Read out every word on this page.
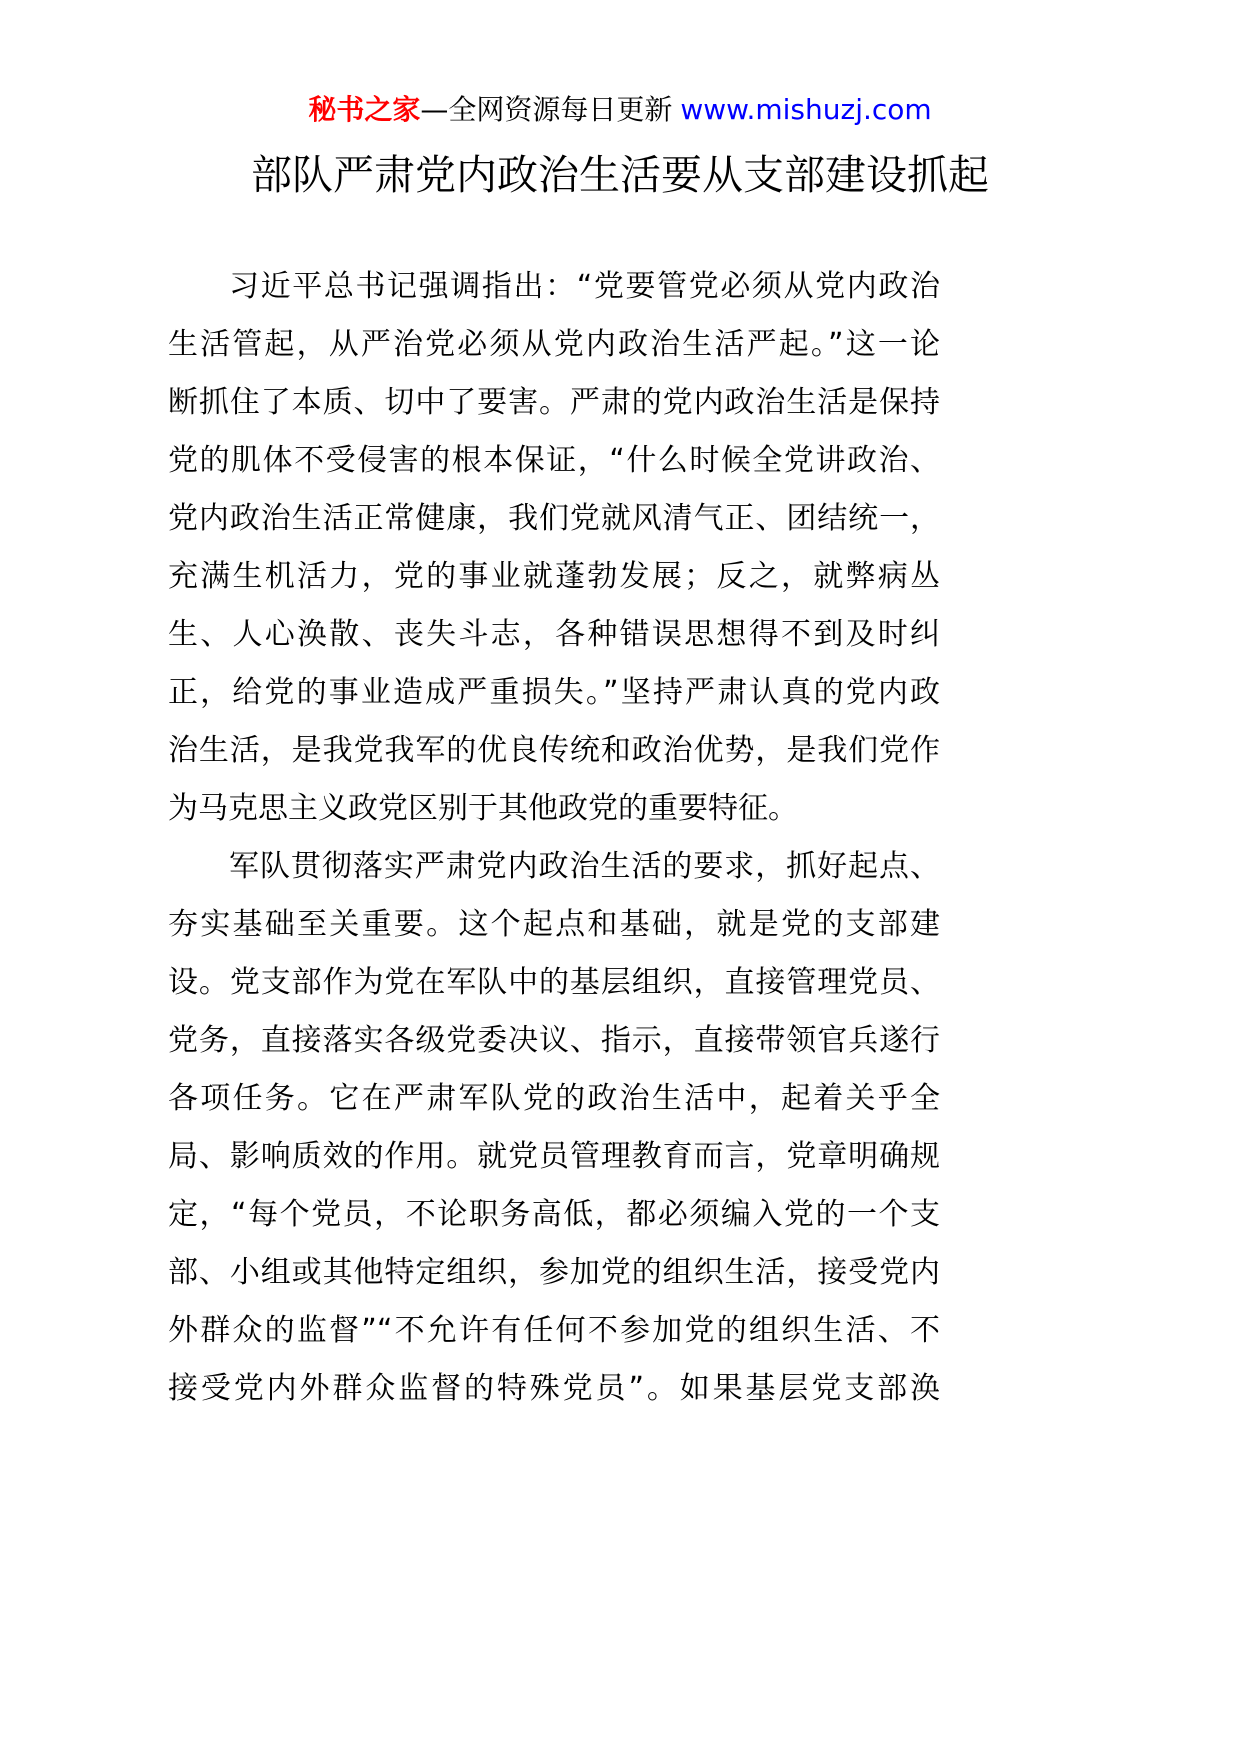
秘书之家—全网资源每日更新 www.mishuzj.com
部队严肃党内政治生活要从支部建设抓起
习近平总书记强调指出：“党要管党必须从党内政治
生活管起，从严治党必须从党内政治生活严起。”这一论
断抓住了本质、切中了要害。严肃的党内政治生活是保持
党的肌体不受侵害的根本保证，“什么时候全党讲政治、
党内政治生活正常健康，我们党就风清气正、团结统一，
充满生机活力，党的事业就蓬勃发展；反之，就弊病丛
生、人心涣散、丧失斗志，各种错误思想得不到及时纠
正，给党的事业造成严重损失。”坚持严肃认真的党内政
治生活，是我党我军的优良传统和政治优势，是我们党作
为马克思主义政党区别于其他政党的重要特征。
军队贯彻落实严肃党内政治生活的要求，抓好起点、
夯实基础至关重要。这个起点和基础，就是党的支部建
设。党支部作为党在军队中的基层组织，直接管理党员、
党务，直接落实各级党委决议、指示，直接带领官兵遂行
各项任务。它在严肃军队党的政治生活中，起着关乎全
局、影响质效的作用。就党员管理教育而言，党章明确规
定，“每个党员，不论职务高低，都必须编入党的一个支
部、小组或其他特定组织，参加党的组织生活，接受党内
外群众的监督”“不允许有任何不参加党的组织生活、不
接受党内外群众监督的特殊党员”。如果基层党支部涣
